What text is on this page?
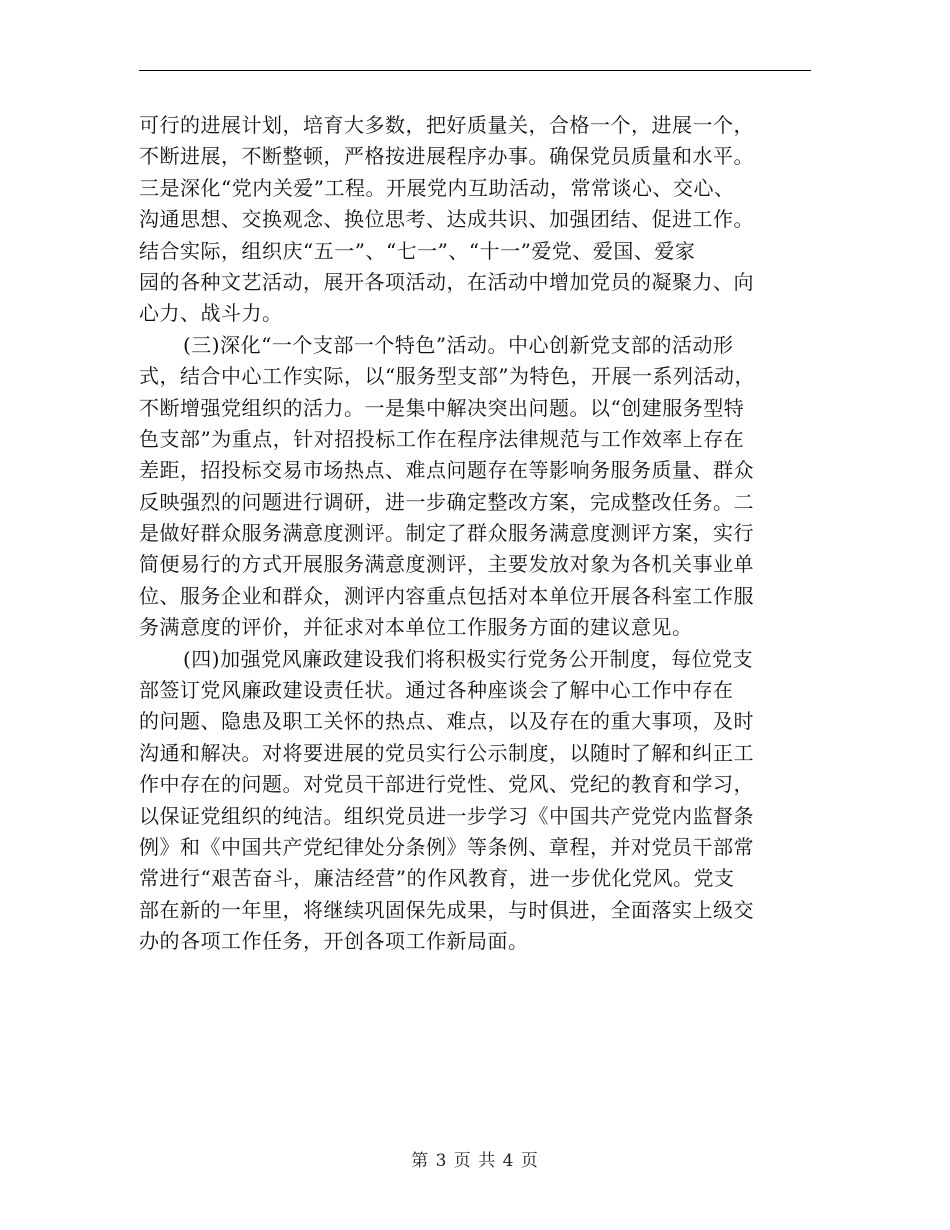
可行的进展计划，培育大多数，把好质量关，合格一个，进展一个，
不断进展，不断整顿，严格按进展程序办事。确保党员质量和水平。
三是深化“党内关爱”工程。开展党内互助活动，常常谈心、交心、
沟通思想、交换观念、换位思考、达成共识、加强团结、促进工作。
结合实际，组织庆“五一”、“七一”、“十一”爱党、爱国、爱家
园的各种文艺活动，展开各项活动，在活动中增加党员的凝聚力、向
心力、战斗力。
(三)深化“一个支部一个特色”活动。中心创新党支部的活动形
式，结合中心工作实际，以“服务型支部”为特色，开展一系列活动，
不断增强党组织的活力。一是集中解决突出问题。以“创建服务型特
色支部”为重点，针对招投标工作在程序法律规范与工作效率上存在
差距，招投标交易市场热点、难点问题存在等影响务服务质量、群众
反映强烈的问题进行调研，进一步确定整改方案，完成整改任务。二
是做好群众服务满意度测评。制定了群众服务满意度测评方案，实行
简便易行的方式开展服务满意度测评，主要发放对象为各机关事业单
位、服务企业和群众，测评内容重点包括对本单位开展各科室工作服
务满意度的评价，并征求对本单位工作服务方面的建议意见。
(四)加强党风廉政建设我们将积极实行党务公开制度，每位党支
部签订党风廉政建设责任状。通过各种座谈会了解中心工作中存在
的问题、隐患及职工关怀的热点、难点，以及存在的重大事项，及时
沟通和解决。对将要进展的党员实行公示制度，以随时了解和纠正工
作中存在的问题。对党员干部进行党性、党风、党纪的教育和学习，
以保证党组织的纯洁。组织党员进一步学习《中国共产党党内监督条
例》和《中国共产党纪律处分条例》等条例、章程，并对党员干部常
常进行“艰苦奋斗，廉洁经营”的作风教育，进一步优化党风。党支
部在新的一年里，将继续巩固保先成果，与时俱进，全面落实上级交
办的各项工作任务，开创各项工作新局面。
第 3 页 共 4 页
